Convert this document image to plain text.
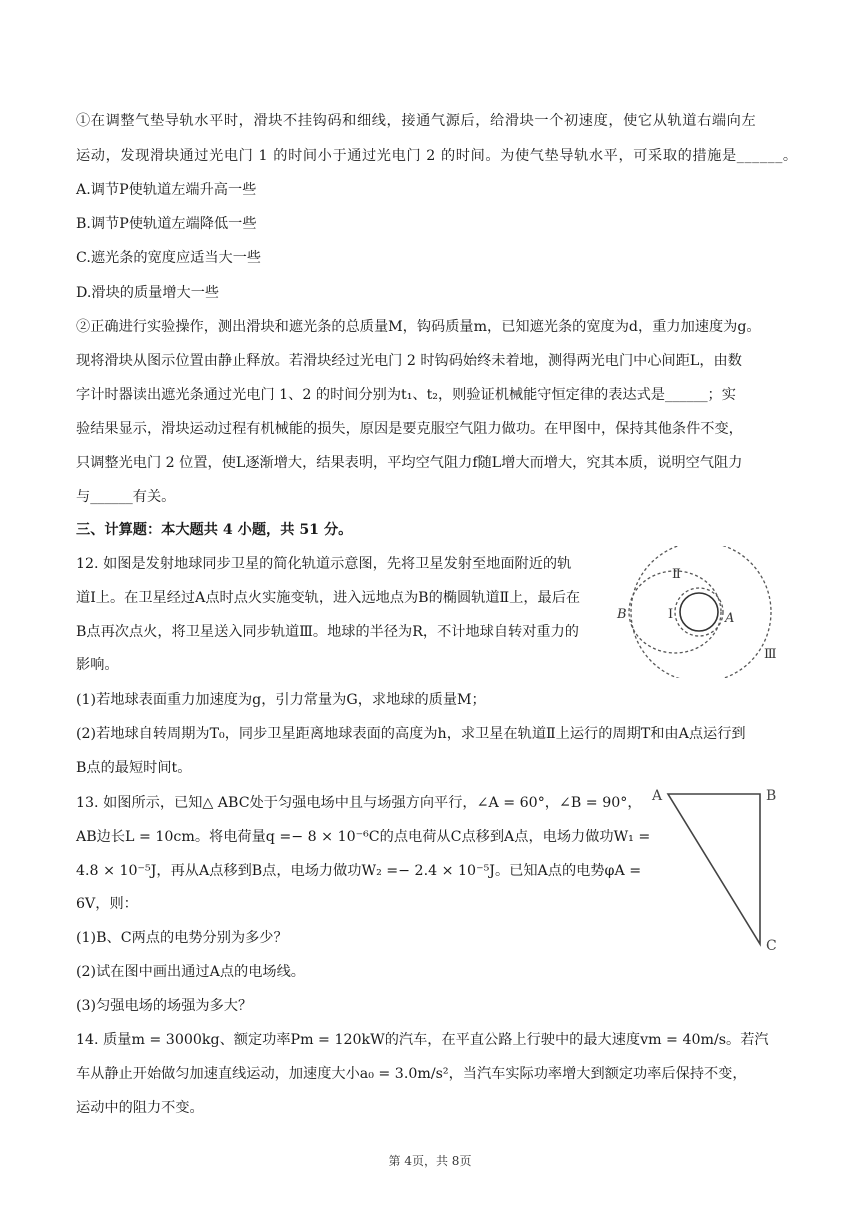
①在调整气垫导轨水平时，滑块不挂钩码和细线，接通气源后，给滑块一个初速度，使它从轨道右端向左
运动，发现滑块通过光电门 1 的时间小于通过光电门 2 的时间。为使气垫导轨水平，可采取的措施是______。
A.调节P使轨道左端升高一些
B.调节P使轨道左端降低一些
C.遮光条的宽度应适当大一些
D.滑块的质量增大一些
②正确进行实验操作，测出滑块和遮光条的总质量M，钩码质量m，已知遮光条的宽度为d，重力加速度为g。
现将滑块从图示位置由静止释放。若滑块经过光电门 2 时钩码始终未着地，测得两光电门中心间距L，由数
字计时器读出遮光条通过光电门 1、2 的时间分别为t₁、t₂，则验证机械能守恒定律的表达式是______；实
验结果显示，滑块运动过程有机械能的损失，原因是要克服空气阻力做功。在甲图中，保持其他条件不变，
只调整光电门 2 位置，使L逐渐增大，结果表明，平均空气阻力f随L增大而增大，究其本质，说明空气阻力
与______有关。
三、计算题：本大题共 4 小题，共 51 分。
12. 如图是发射地球同步卫星的简化轨道示意图，先将卫星发射至地面附近的轨
道Ⅰ上。在卫星经过A点时点火实施变轨，进入远地点为B的椭圆轨道Ⅱ上，最后在
B点再次点火，将卫星送入同步轨道Ⅲ。地球的半径为R，不计地球自转对重力的
影响。
(1)若地球表面重力加速度为g，引力常量为G，求地球的质量M；
(2)若地球自转周期为T₀，同步卫星距离地球表面的高度为h，求卫星在轨道Ⅱ上运行的周期T和由A点运行到
B点的最短时间t。
Ⅰ
Ⅱ
Ⅲ
A
B
13. 如图所示，已知△ ABC处于匀强电场中且与场强方向平行，∠A = 60°，∠B = 90°，
AB边长L = 10cm。将电荷量q =− 8 × 10⁻⁶C的点电荷从C点移到A点，电场力做功W₁ =
4.8 × 10⁻⁵J，再从A点移到B点，电场力做功W₂ =− 2.4 × 10⁻⁵J。已知A点的电势φA =
6V，则：
(1)B、C两点的电势分别为多少？
(2)试在图中画出通过A点的电场线。
(3)匀强电场的场强为多大？
A	B
C
14. 质量m = 3000kg、额定功率Pm = 120kW的汽车，在平直公路上行驶中的最大速度vm = 40m/s。若汽
车从静止开始做匀加速直线运动，加速度大小a₀ = 3.0m/s²，当汽车实际功率增大到额定功率后保持不变，
运动中的阻力不变。
第 4页，共 8页
